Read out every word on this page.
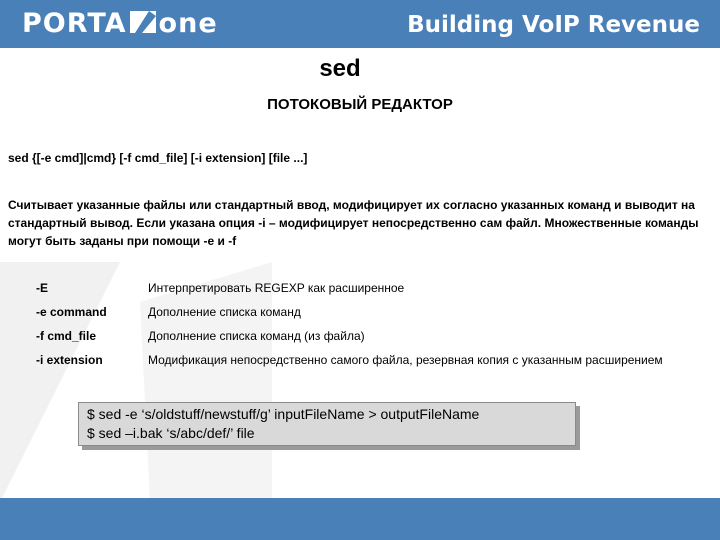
PORTA one	Building VoIP Revenue
sed
ПОТОКОВЫЙ РЕДАКТОР
sed {[-e cmd]|cmd} [-f cmd_file] [-i extension] [file ...]
Считывает указанные файлы или стандартный ввод, модифицирует их согласно указанных команд и выводит на стандартный вывод. Если указана опция -i – модифицирует непосредственно сам файл. Множественные команды могут быть заданы при помощи -e и -f
-E	Интерпретировать REGEXP как расширенное
-e command	Дополнение списка команд
-f cmd_file	Дополнение списка команд (из файла)
-i extension	Модификация непосредственно самого файла, резервная копия с указанным расширением
$ sed -e ‘s/oldstuff/newstuff/g’ inputFileName > outputFileName
$ sed –i.bak ‘s/abc/def/’ file
